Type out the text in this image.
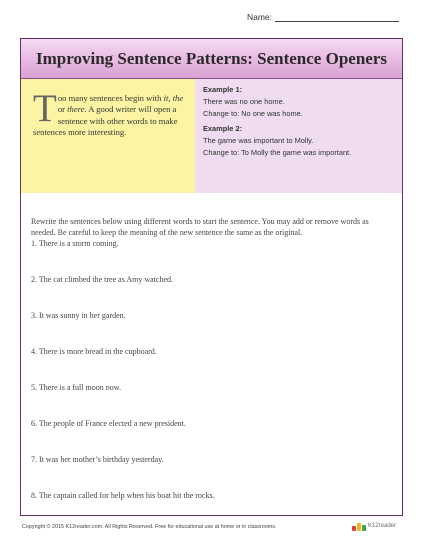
Name:
Improving Sentence Patterns: Sentence Openers
Too many sentences begin with it, the or there. A good writer will open a sentence with other words to make sentences more interesting.
Example 1:
There was no one home.
Change to: No one was home.
Example 2:
The game was important to Molly.
Change to: To Molly the game was important.
Rewrite the sentences below using different words to start the sentence. You may add or remove words as needed. Be careful to keep the meaning of the new sentence the same as the original.
1. There is a storm coming.
2. The cat climbed the tree as Amy watched.
3. It was sunny in her garden.
4. There is more bread in the cupboard.
5. There is a full moon now.
6. The people of France elected a new president.
7. It was her mother’s birthday yesterday.
8. The captain called for help when his boat hit the rocks.
Copyright © 2015 K12reader.com. All Rights Reserved. Free for educational use at home or in classrooms.	K12reader
